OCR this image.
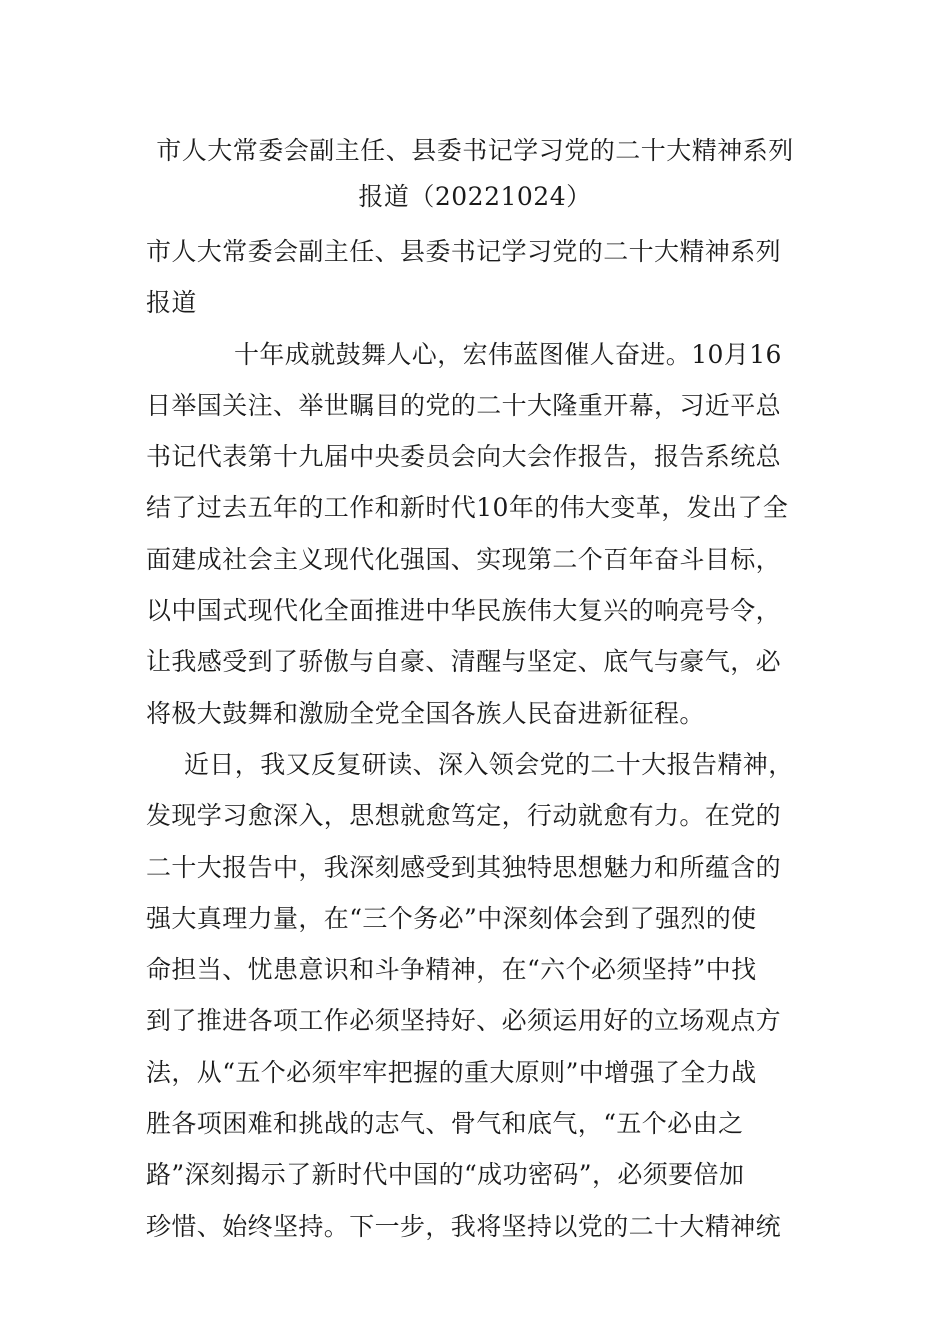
市人大常委会副主任、县委书记学习党的二十大精神系列
报道（20221024）
市人大常委会副主任、县委书记学习党的二十大精神系列
报道
十年成就鼓舞人心，宏伟蓝图催人奋进。10月16
日举国关注、举世瞩目的党的二十大隆重开幕，习近平总
书记代表第十九届中央委员会向大会作报告，报告系统总
结了过去五年的工作和新时代10年的伟大变革，发出了全
面建成社会主义现代化强国、实现第二个百年奋斗目标，
以中国式现代化全面推进中华民族伟大复兴的响亮号令，
让我感受到了骄傲与自豪、清醒与坚定、底气与豪气，必
将极大鼓舞和激励全党全国各族人民奋进新征程。
近日，我又反复研读、深入领会党的二十大报告精神，
发现学习愈深入，思想就愈笃定，行动就愈有力。在党的
二十大报告中，我深刻感受到其独特思想魅力和所蕴含的
强大真理力量，在“三个务必”中深刻体会到了强烈的使
命担当、忧患意识和斗争精神，在“六个必须坚持”中找
到了推进各项工作必须坚持好、必须运用好的立场观点方
法，从“五个必须牢牢把握的重大原则”中增强了全力战
胜各项困难和挑战的志气、骨气和底气，“五个必由之
路”深刻揭示了新时代中国的“成功密码”，必须要倍加
珍惜、始终坚持。下一步，我将坚持以党的二十大精神统
